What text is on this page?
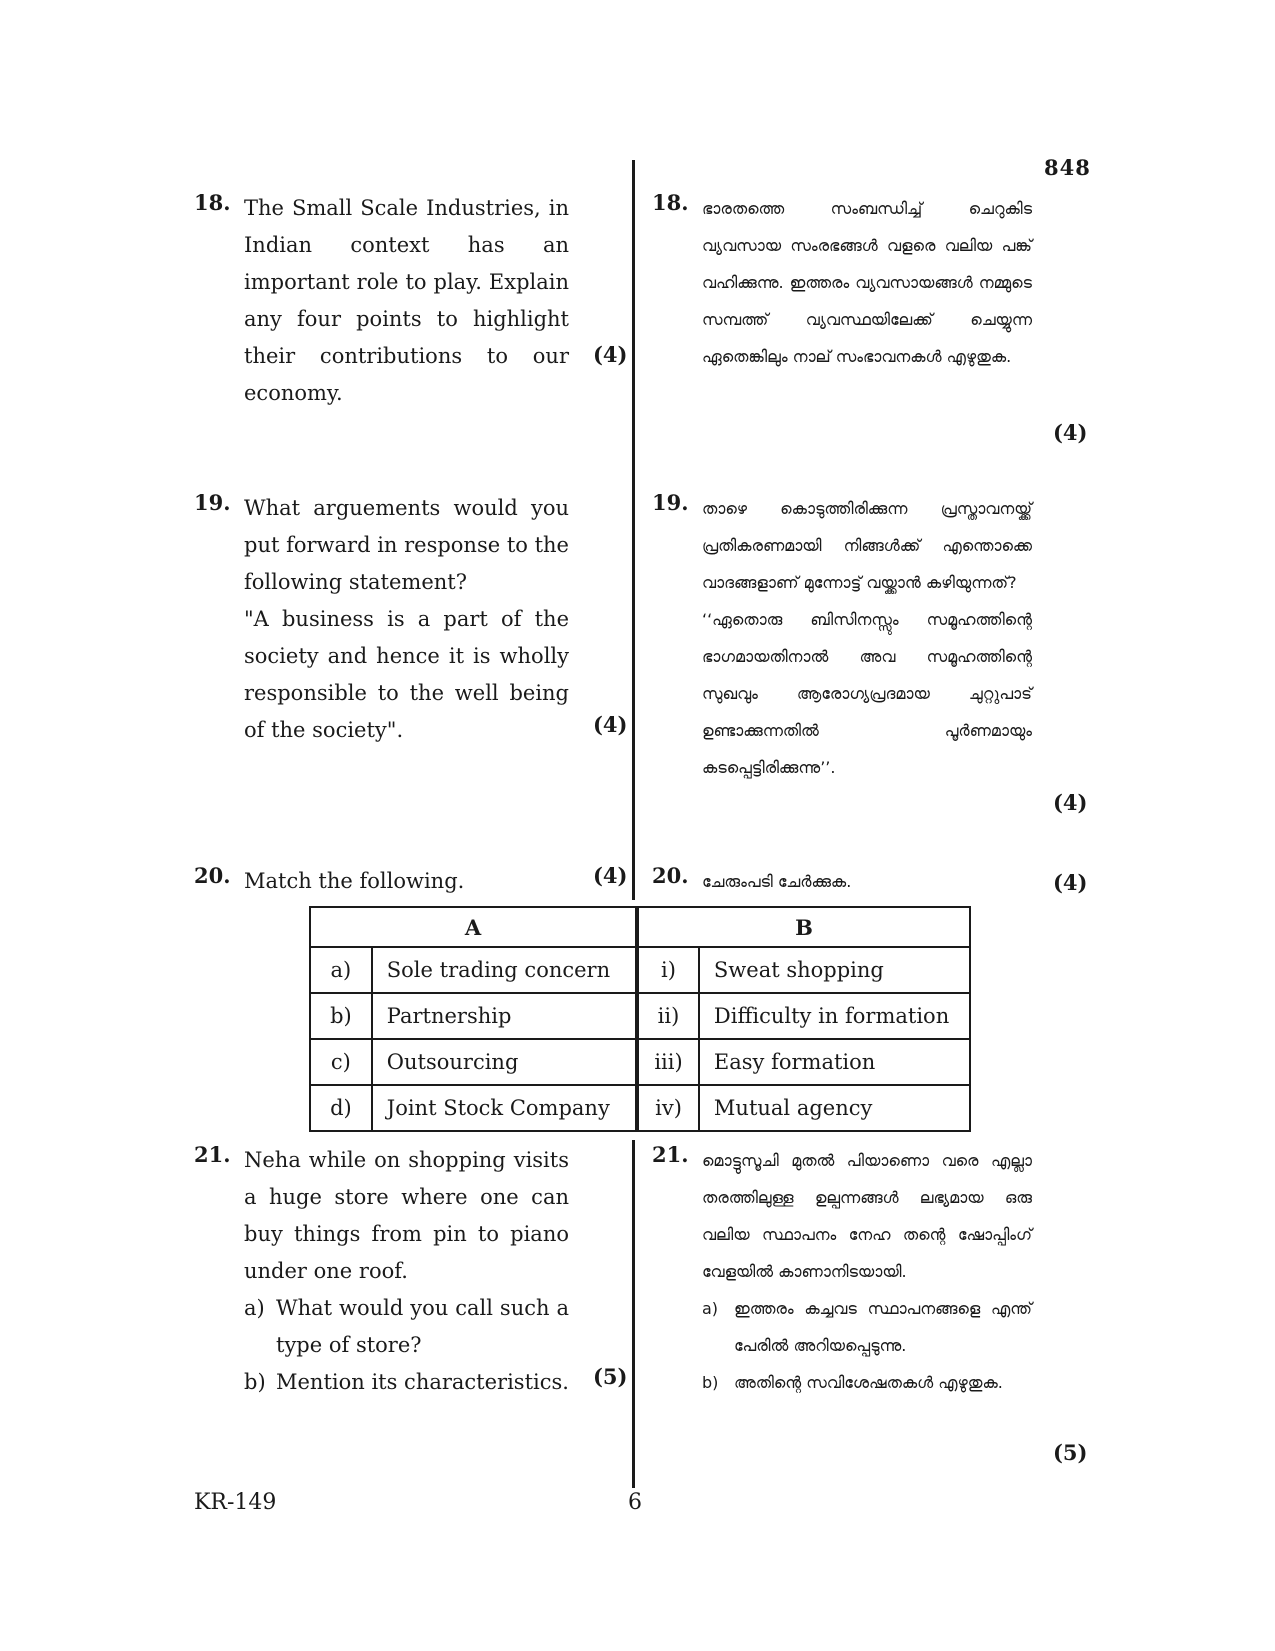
848
18. The Small Scale Industries, in Indian context has an important role to play. Explain any four points to highlight their contributions to our economy.
(4)
18. ഭാരതത്തെ സംബന്ധിച്ച് ചെറുകിട വ്യവസായ സംരഭങ്ങൾ വളരെ വലിയ പങ്ക് വഹിക്കുന്നു. ഇത്തരം വ്യവസായങ്ങൾ നമ്മുടെ സമ്പത്ത് വ്യവസ്ഥയിലേക്ക് ചെയ്യുന്ന ഏതെങ്കിലും നാല് സംഭാവനകൾ എഴുതുക.
(4)
19. What arguements would you put forward in response to the following statement?
"A business is a part of the society and hence it is wholly responsible to the well being of the society".	(4)
19. താഴെ കൊടുത്തിരിക്കുന്ന പ്രസ്താവനയ്ക്ക് പ്രതികരണമായി നിങ്ങൾക്ക് എന്തൊക്കെ വാദങ്ങളാണ് മുന്നോട്ട് വയ്ക്കാൻ കഴിയുന്നത്?
‘‘ഏതൊരു ബിസിനസ്സും സമൂഹത്തിന്റെ ഭാഗമായതിനാൽ അവ സമൂഹത്തിന്റെ സുഖവും ആരോഗ്യപ്രദമായ ചുറ്റുപാട് ഉണ്ടാക്കുന്നതിൽ പൂർണമായും കടപ്പെട്ടിരിക്കുന്നു’’.
(4)
20. Match the following.	(4) 20. ചേരുംപടി ചേർക്കുക.	(4)
A		B	
a)	Sole trading concern	i)	Sweat shopping
b)	Partnership	ii)	Difficulty in formation
c)	Outsourcing	iii)	Easy formation
d)	Joint Stock Company	iv)	Mutual agency
21. Neha while on shopping visits a huge store where one can buy things from pin to piano under one roof.
a) What would you call such a type of store?
b) Mention its characteristics. (5)
21. മൊട്ടുസൂചി മുതൽ പിയാണൊ വരെ എല്ലാ തരത്തിലുള്ള ഉല്പന്നങ്ങൾ ലഭ്യമായ ഒരു വലിയ സ്ഥാപനം നേഹ തന്റെ ഷോപ്പിംഗ് വേളയിൽ കാണാനിടയായി.
a) ഇത്തരം കച്ചവട സ്ഥാപനങ്ങളെ എന്ത് പേരിൽ അറിയപ്പെടുന്നു.
b) അതിന്റെ സവിശേഷതകൾ എഴുതുക.
(5)
KR-149	6
